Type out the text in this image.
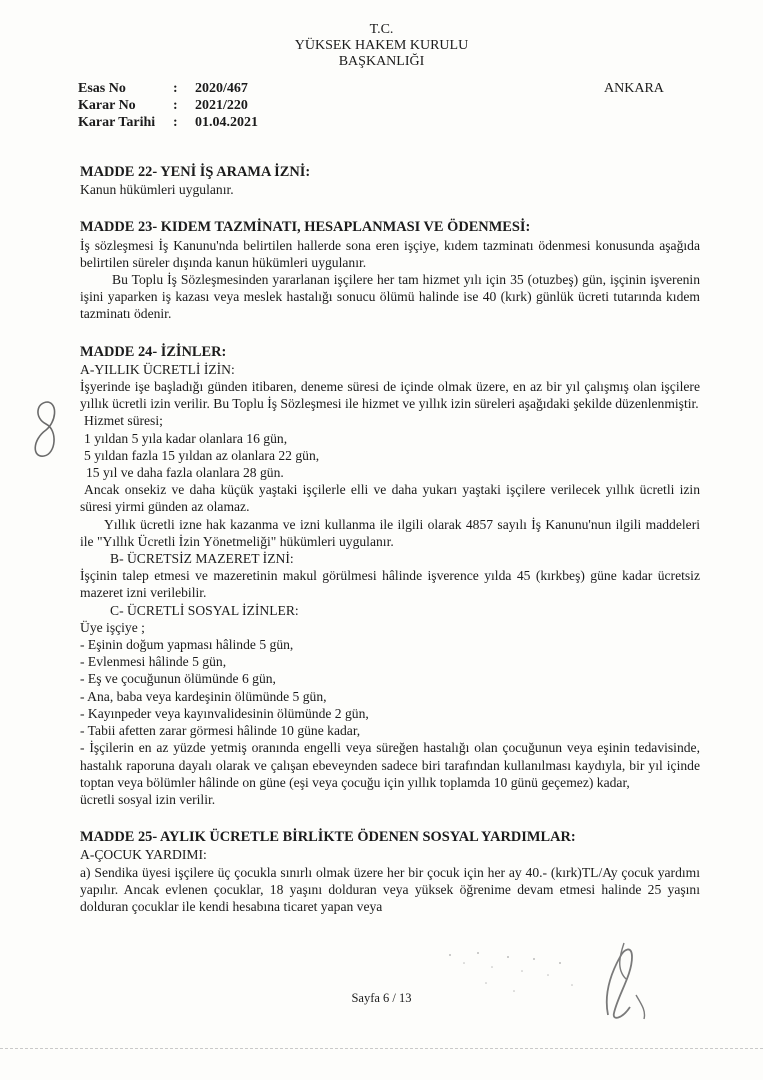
T.C.
YÜKSEK HAKEM KURULU
BAŞKANLIĞI
Esas No	:	2020/467
Karar No	:	2021/220
Karar Tarihi	:	01.04.2021
ANKARA
MADDE 22- YENİ İŞ ARAMA İZNİ:

Kanun hükümleri uygulanır.

MADDE 23- KIDEM TAZMİNATI, HESAPLANMASI VE ÖDENMESİ:

İş sözleşmesi İş Kanunu'nda belirtilen hallerde sona eren işçiye, kıdem tazminatı ödenmesi konusunda aşağıda belirtilen süreler dışında kanun hükümleri uygulanır.

Bu Toplu İş Sözleşmesinden yararlanan işçilere her tam hizmet yılı için 35 (otuzbeş) gün, işçinin işverenin işini yaparken iş kazası veya meslek hastalığı sonucu ölümü halinde ise 40 (kırk) günlük ücreti tutarında kıdem tazminatı ödenir.

MADDE 24- İZİNLER:

A-YILLIK ÜCRETLİ İZİN:

İşyerinde işe başladığı günden itibaren, deneme süresi de içinde olmak üzere, en az bir yıl çalışmış olan işçilere yıllık ücretli izin verilir. Bu Toplu İş Sözleşmesi ile hizmet ve yıllık izin süreleri aşağıdaki şekilde düzenlenmiştir.

Hizmet süresi;

1 yıldan 5 yıla kadar olanlara 16 gün,

5 yıldan fazla 15 yıldan az olanlara 22 gün,

15 yıl ve daha fazla olanlara 28 gün.

Ancak onsekiz ve daha küçük yaştaki işçilerle elli ve daha yukarı yaştaki işçilere verilecek yıllık ücretli izin süresi yirmi günden az olamaz.

Yıllık ücretli izne hak kazanma ve izni kullanma ile ilgili olarak 4857 sayılı İş Kanunu'nun ilgili maddeleri ile "Yıllık Ücretli İzin Yönetmeliği" hükümleri uygulanır.

B- ÜCRETSİZ MAZERET İZNİ:

İşçinin talep etmesi ve mazeretinin makul görülmesi hâlinde işverence yılda 45 (kırkbeş) güne kadar ücretsiz mazeret izni verilebilir.

C- ÜCRETLİ SOSYAL İZİNLER:

Üye işçiye ;

- Eşinin doğum yapması hâlinde 5 gün,

- Evlenmesi hâlinde 5 gün,

- Eş ve çocuğunun ölümünde 6 gün,

- Ana, baba veya kardeşinin ölümünde 5 gün,

- Kayınpeder veya kayınvalidesinin ölümünde 2 gün,

- Tabii afetten zarar görmesi hâlinde 10 güne kadar,

- İşçilerin en az yüzde yetmiş oranında engelli veya süreğen hastalığı olan çocuğunun veya eşinin tedavisinde, hastalık raporuna dayalı olarak ve çalışan ebeveynden sadece biri tarafından kullanılması kaydıyla, bir yıl içinde toptan veya bölümler hâlinde on güne (eşi veya çocuğu için yıllık toplamda 10 günü geçemez) kadar,

ücretli sosyal izin verilir.

MADDE 25- AYLIK ÜCRETLE BİRLİKTE ÖDENEN SOSYAL YARDIMLAR:

A-ÇOCUK YARDIMI:

a) Sendika üyesi işçilere üç çocukla sınırlı olmak üzere her bir çocuk için her ay 40.- (kırk)TL/Ay çocuk yardımı yapılır. Ancak evlenen çocuklar, 18 yaşını dolduran veya yüksek öğrenime devam etmesi halinde 25 yaşını dolduran çocuklar ile kendi hesabına ticaret yapan veya

Sayfa 6 / 13
